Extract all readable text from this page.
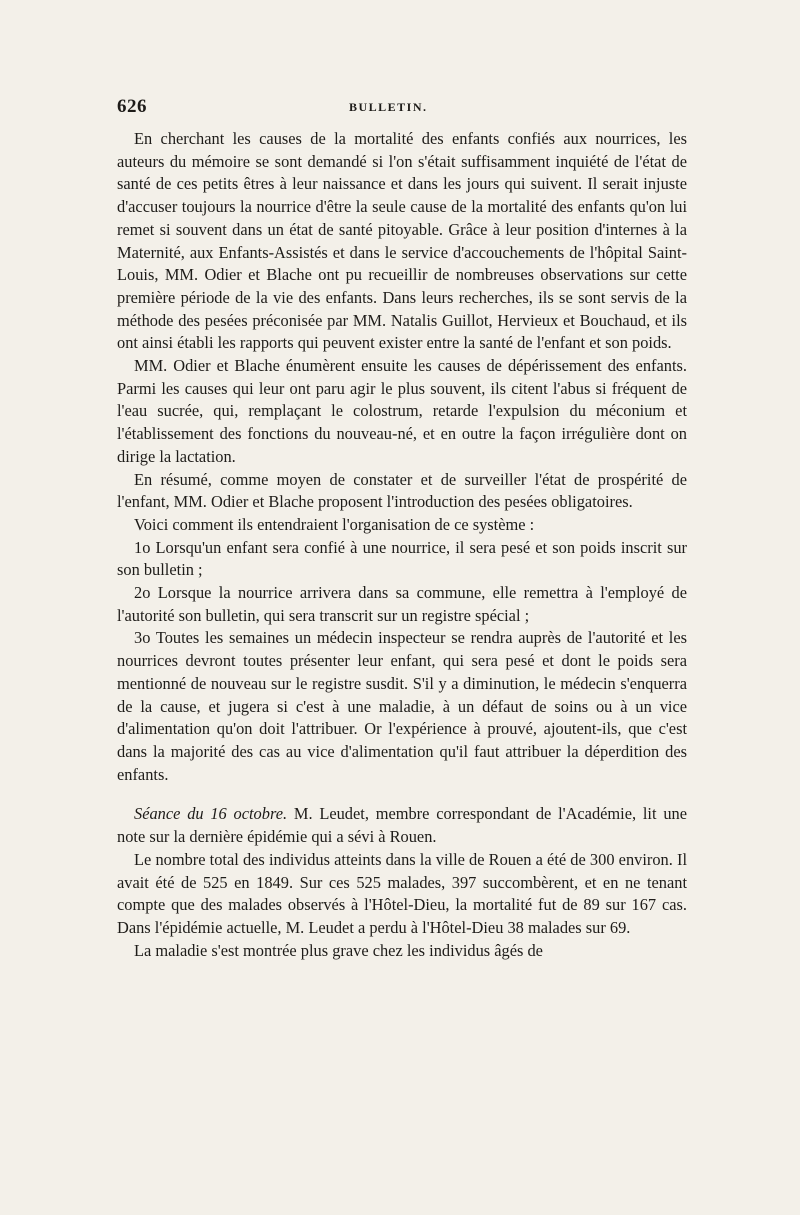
626	BULLETIN.

En cherchant les causes de la mortalité des enfants confiés aux nourrices, les auteurs du mémoire se sont demandé si l'on s'était suffisamment inquiété de l'état de santé de ces petits êtres à leur naissance et dans les jours qui suivent. Il serait injuste d'accuser toujours la nourrice d'être la seule cause de la mortalité des enfants qu'on lui remet si souvent dans un état de santé pitoyable. Grâce à leur position d'internes à la Maternité, aux Enfants-Assistés et dans le service d'accouchements de l'hôpital Saint-Louis, MM. Odier et Blache ont pu recueillir de nombreuses observations sur cette première période de la vie des enfants. Dans leurs recherches, ils se sont servis de la méthode des pesées préconisée par MM. Natalis Guillot, Hervieux et Bouchaud, et ils ont ainsi établi les rapports qui peuvent exister entre la santé de l'enfant et son poids.

MM. Odier et Blache énumèrent ensuite les causes de dépérissement des enfants. Parmi les causes qui leur ont paru agir le plus souvent, ils citent l'abus si fréquent de l'eau sucrée, qui, remplaçant le colostrum, retarde l'expulsion du méconium et l'établissement des fonctions du nouveau-né, et en outre la façon irrégulière dont on dirige la lactation.

En résumé, comme moyen de constater et de surveiller l'état de prospérité de l'enfant, MM. Odier et Blache proposent l'introduction des pesées obligatoires.

Voici comment ils entendraient l'organisation de ce système :

1o Lorsqu'un enfant sera confié à une nourrice, il sera pesé et son poids inscrit sur son bulletin ;

2o Lorsque la nourrice arrivera dans sa commune, elle remettra à l'employé de l'autorité son bulletin, qui sera transcrit sur un registre spécial ;

3o Toutes les semaines un médecin inspecteur se rendra auprès de l'autorité et les nourrices devront toutes présenter leur enfant, qui sera pesé et dont le poids sera mentionné de nouveau sur le registre susdit. S'il y a diminution, le médecin s'enquerra de la cause, et jugera si c'est à une maladie, à un défaut de soins ou à un vice d'alimentation qu'on doit l'attribuer. Or l'expérience à prouvé, ajoutent-ils, que c'est dans la majorité des cas au vice d'alimentation qu'il faut attribuer la déperdition des enfants.

Séance du 16 octobre. M. Leudet, membre correspondant de l'Académie, lit une note sur la dernière épidémie qui a sévi à Rouen.

Le nombre total des individus atteints dans la ville de Rouen a été de 300 environ. Il avait été de 525 en 1849. Sur ces 525 malades, 397 succombèrent, et en ne tenant compte que des malades observés à l'Hôtel-Dieu, la mortalité fut de 89 sur 167 cas. Dans l'épidémie actuelle, M. Leudet a perdu à l'Hôtel-Dieu 38 malades sur 69.

La maladie s'est montrée plus grave chez les individus âgés de
